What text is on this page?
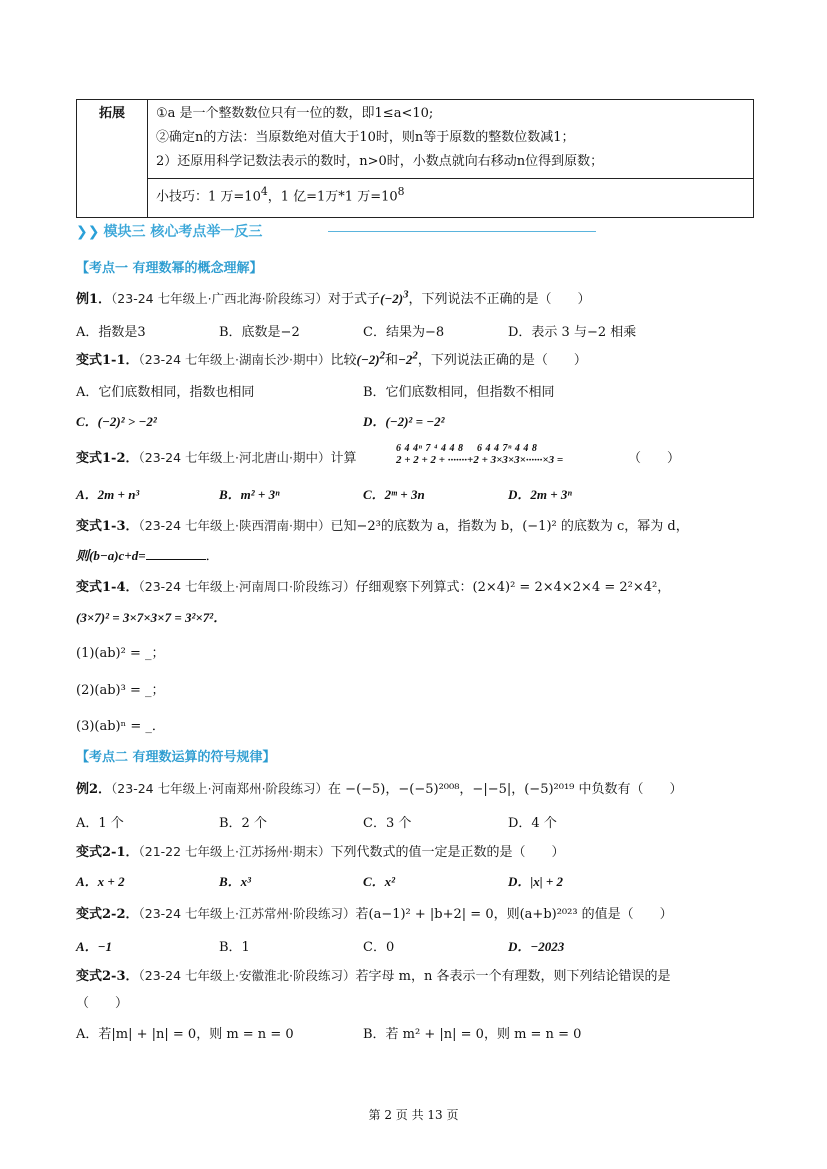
拓展	①a 是一个整数数位只有一位的数，即1≤a<10;
②确定n的方法：当原数绝对值大于10时，则n等于原数的整数位数减1；
2）还原用科学记数法表示的数时，n>0时，小数点就向右移动n位得到原数；

小技巧：1 万$=10^4$，1 亿=1万*1 万$=10^8$
❯❯ 模块三 核心考点举一反三
【考点一 有理数幂的概念理解】
例1．（23-24 七年级上·广西北海·阶段练习）对于式子$(-2)^3$，下列说法不正确的是（　　）
A．指数是3	B．底数是−2	C．结果为−8	D．表示 3 与−2 相乘
变式1-1．（23-24 七年级上·湖南长沙·期中）比较$(-2)^2$和$-2^2$，下列说法正确的是（　　）
A．它们底数相同，指数也相同	B．它们底数相同，但指数不相同
C．(−2)² > −2²	D．(−2)² = −2²
变式1-2．（23-24 七年级上·河北唐山·期中）计算
6 4 4ⁿ 7 ⁴ 4 4 8　 6 4 4 7ⁿ 4 4 8
2 + 2 + 2 + ·······+2 + 3×3×3×······×3 =	（　　）
A．2m + n³	B．m² + 3ⁿ	C．2ᵐ + 3n	D．2m + 3ⁿ
变式1-3．（23-24 七年级上·陕西渭南·期中）已知−2³的底数为 a，指数为 b，(−1)² 的底数为 c，幂为 d，
则(b−a)c+d=	．
变式1-4．（23-24 七年级上·河南周口·阶段练习）仔细观察下列算式：(2×4)² = 2×4×2×4 = 2²×4²，
(3×7)² = 3×7×3×7 = 3²×7²．
(1)(ab)² = _；
(2)(ab)³ = _；
(3)(ab)ⁿ = _．
【考点二 有理数运算的符号规律】
例2．（23-24 七年级上·河南郑州·阶段练习）在 −(−5)，−(−5)²⁰⁰⁸，−|−5|，(−5)²⁰¹⁹ 中负数有（　　）
A．1 个	B．2 个	C．3 个	D．4 个
变式2-1．（21-22 七年级上·江苏扬州·期末）下列代数式的值一定是正数的是（　　）
A．x + 2	B．x³	C．x²	D．|x| + 2
变式2-2．（23-24 七年级上·江苏常州·阶段练习）若(a−1)² + |b+2| = 0，则(a+b)²⁰²³ 的值是（　　）
A．−1	B．1	C．0	D．−2023
变式2-3．（23-24 七年级上·安徽淮北·阶段练习）若字母 m，n 各表示一个有理数，则下列结论错误的是
（　　）
A．若|m| + |n| = 0，则 m = n = 0	B．若 m² + |n| = 0，则 m = n = 0
第 2 页 共 13 页
